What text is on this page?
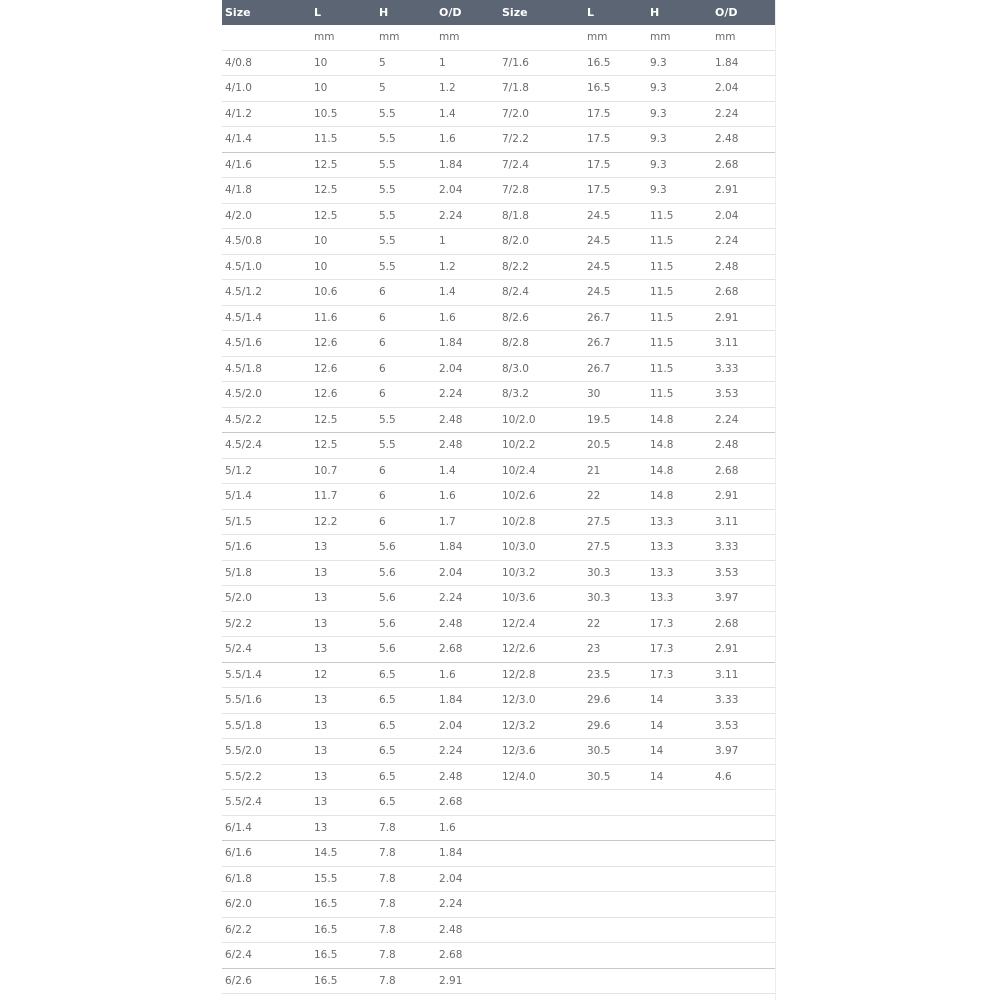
Size	L	H	O/D	Size	L	H	O/D
	mm	mm	mm		mm	mm	mm
4/0.8	10	5	1	7/1.6	16.5	9.3	1.84
4/1.0	10	5	1.2	7/1.8	16.5	9.3	2.04
4/1.2	10.5	5.5	1.4	7/2.0	17.5	9.3	2.24
4/1.4	11.5	5.5	1.6	7/2.2	17.5	9.3	2.48
4/1.6	12.5	5.5	1.84	7/2.4	17.5	9.3	2.68
4/1.8	12.5	5.5	2.04	7/2.8	17.5	9.3	2.91
4/2.0	12.5	5.5	2.24	8/1.8	24.5	11.5	2.04
4.5/0.8	10	5.5	1	8/2.0	24.5	11.5	2.24
4.5/1.0	10	5.5	1.2	8/2.2	24.5	11.5	2.48
4.5/1.2	10.6	6	1.4	8/2.4	24.5	11.5	2.68
4.5/1.4	11.6	6	1.6	8/2.6	26.7	11.5	2.91
4.5/1.6	12.6	6	1.84	8/2.8	26.7	11.5	3.11
4.5/1.8	12.6	6	2.04	8/3.0	26.7	11.5	3.33
4.5/2.0	12.6	6	2.24	8/3.2	30	11.5	3.53
4.5/2.2	12.5	5.5	2.48	10/2.0	19.5	14.8	2.24
4.5/2.4	12.5	5.5	2.48	10/2.2	20.5	14.8	2.48
5/1.2	10.7	6	1.4	10/2.4	21	14.8	2.68
5/1.4	11.7	6	1.6	10/2.6	22	14.8	2.91
5/1.5	12.2	6	1.7	10/2.8	27.5	13.3	3.11
5/1.6	13	5.6	1.84	10/3.0	27.5	13.3	3.33
5/1.8	13	5.6	2.04	10/3.2	30.3	13.3	3.53
5/2.0	13	5.6	2.24	10/3.6	30.3	13.3	3.97
5/2.2	13	5.6	2.48	12/2.4	22	17.3	2.68
5/2.4	13	5.6	2.68	12/2.6	23	17.3	2.91
5.5/1.4	12	6.5	1.6	12/2.8	23.5	17.3	3.11
5.5/1.6	13	6.5	1.84	12/3.0	29.6	14	3.33
5.5/1.8	13	6.5	2.04	12/3.2	29.6	14	3.53
5.5/2.0	13	6.5	2.24	12/3.6	30.5	14	3.97
5.5/2.2	13	6.5	2.48	12/4.0	30.5	14	4.6
5.5/2.4	13	6.5	2.68				
6/1.4	13	7.8	1.6				
6/1.6	14.5	7.8	1.84				
6/1.8	15.5	7.8	2.04				
6/2.0	16.5	7.8	2.24				
6/2.2	16.5	7.8	2.48				
6/2.4	16.5	7.8	2.68				
6/2.6	16.5	7.8	2.91				
